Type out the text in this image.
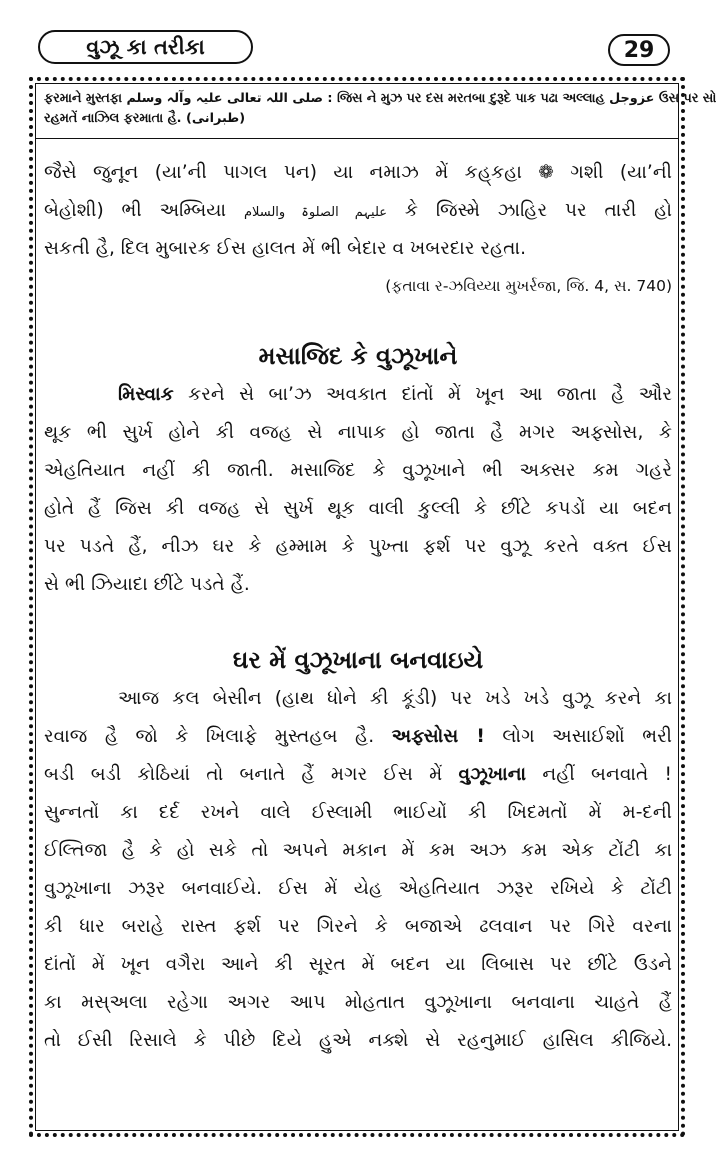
વુઝૂ કા તરીકા	29
ફરમાને મુસ્તફા صلی اللہ تعالی علیہ وآلہ وسلم : જિસ ને મુઝ પર દસ મરતબા દુરૂદે પાક પઢા અલ્લાહ عزوجل ઉસ પર સો
રહમતેં નાઝિલ ફરમાતા હૈ. (طبرانی)
જૈસે જુનૂન (યા’ની પાગલ પન) યા નમાઝ મેં કહ્‌કહા ❁ ગશી (યા’ની
બેહોશી) ભી અમ્બિયા علیہم الصلوۃ والسلام કે જિસ્મે ઝાહિર પર તારી હો
સકતી હૈ, દિલ મુબારક ઈસ હાલત મેં ભી બેદાર વ ખબરદાર રહતા.
(ફતાવા ર-ઝવિય્યા મુખર્રજા, જિ. 4, સ. 740)
મસાજિદ કે વુઝૂખાને
મિસ્વાક કરને સે બા’ઝ અવકાત દાંતોં મેં ખૂન આ જાતા હૈ ઔર
થૂક ભી સુર્ખ હોને કી વજહ સે નાપાક હો જાતા હૈ મગર અફ્સોસ, કે
એહતિયાત નહીં કી જાતી. મસાજિદ કે વુઝૂખાને ભી અક્સર કમ ગહરે
હોતે હૈં જિસ કી વજહ સે સુર્ખ થૂક વાલી કુલ્લી કે છીંટે કપડોં યા બદન
પર પડતે હૈં, નીઝ ઘર કે હમ્મામ કે પુખ્તા ફર્શ પર વુઝૂ કરતે વક્ત ઈસ
સે ભી ઝિયાદા છીંટે પડતે હૈં.
ઘર મેં વુઝૂખાના બનવાઇયે
આજ કલ બેસીન (હાથ ધોને કી કૂંડી) પર ખડે ખડે વુઝૂ કરને કા
રવાજ હૈ જો કે ખિલાફે મુસ્તહબ હૈ. અફ્સોસ ! લોગ અસાઈશોં ભરી
બડી બડી કોઠિયાં તો બનાતે હૈં મગર ઈસ મેં વુઝૂખાના નહીં બનવાતે !
સુન્નતોં કા દર્દ રખને વાલે ઈસ્લામી ભાઈયોં કી ખિદમતોં મેં મ-દની
ઈલ્તિજા હૈ કે હો સકે તો અપને મકાન મેં કમ અઝ કમ એક ટોંટી કા
વુઝૂખાના ઝરૂર બનવાઈયે. ઈસ મેં યેહ એહતિયાત ઝરૂર રખિયે કે ટોંટી
કી ધાર બરાહે રાસ્ત ફર્શ પર ગિરને કે બજાએ ઢલવાન પર ગિરે વરના
દાંતોં મેં ખૂન વગૈરા આને કી સૂરત મેં બદન યા લિબાસ પર છીંટે ઉડને
કા મસ્અલા રહેગા અગર આપ મોહતાત વુઝૂખાના બનવાના ચાહતે હૈં
તો ઈસી રિસાલે કે પીછે દિયે હુએ નક્શે સે રહનુમાઈ હાસિલ કીજિયે.
